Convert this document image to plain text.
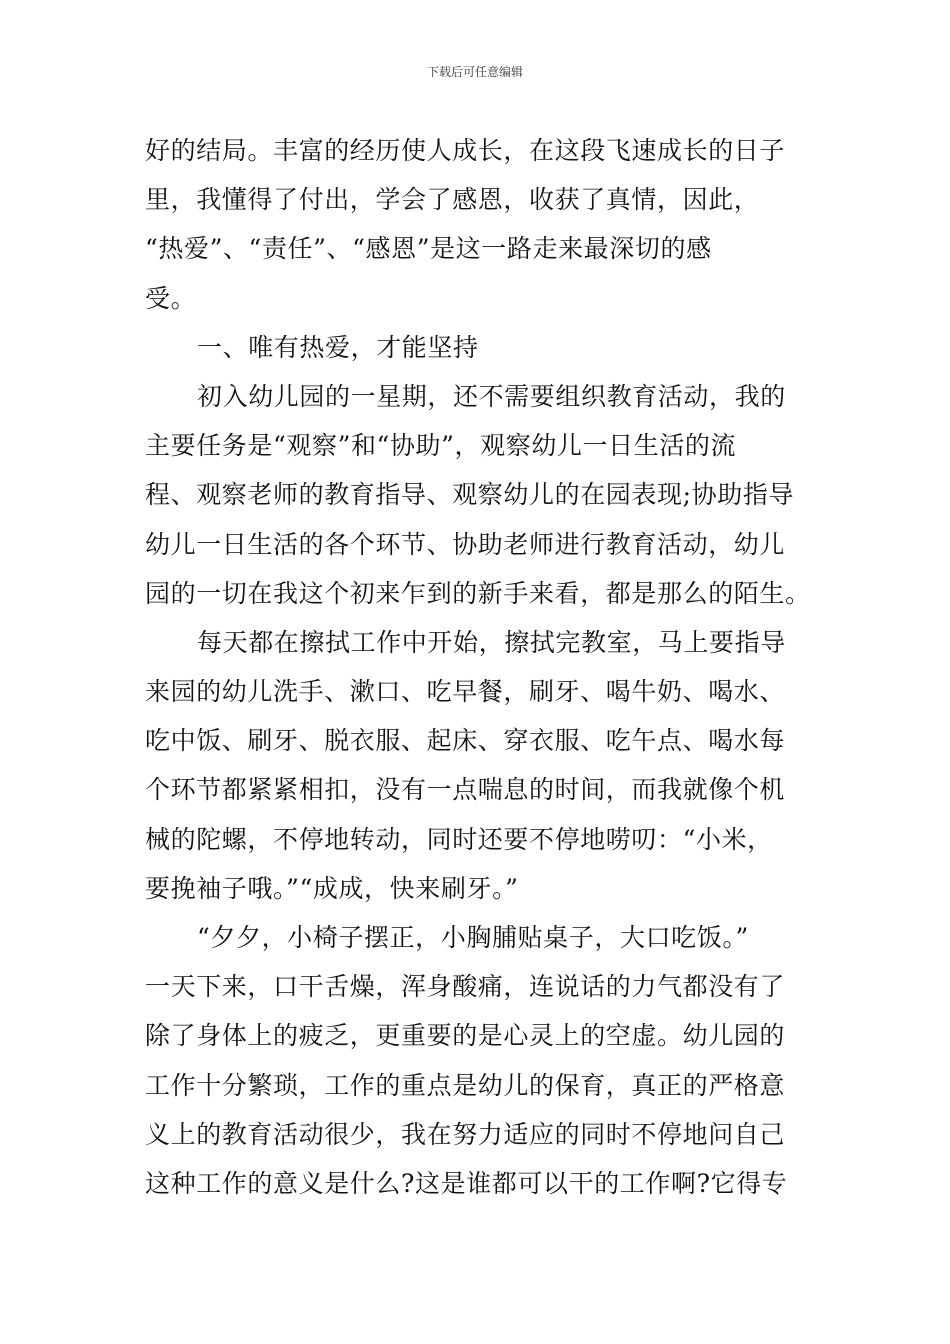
下载后可任意编辑
好的结局。丰富的经历使人成长，在这段飞速成长的日子
里，我懂得了付出，学会了感恩，收获了真情，因此，
“热爱”、“责任”、“感恩”是这一路走来最深切的感
受。
一、唯有热爱，才能坚持
初入幼儿园的一星期，还不需要组织教育活动，我的
主要任务是“观察”和“协助”，观察幼儿一日生活的流
程、观察老师的教育指导、观察幼儿的在园表现;协助指导
幼儿一日生活的各个环节、协助老师进行教育活动，幼儿
园的一切在我这个初来乍到的新手来看，都是那么的陌生。
每天都在擦拭工作中开始，擦拭完教室，马上要指导
来园的幼儿洗手、漱口、吃早餐，刷牙、喝牛奶、喝水、
吃中饭、刷牙、脱衣服、起床、穿衣服、吃午点、喝水每
个环节都紧紧相扣，没有一点喘息的时间，而我就像个机
械的陀螺，不停地转动，同时还要不停地唠叨：“小米，
要挽袖子哦。”“成成，快来刷牙。”
“夕夕，小椅子摆正，小胸脯贴桌子，大口吃饭。”
一天下来，口干舌燥，浑身酸痛，连说话的力气都没有了
除了身体上的疲乏，更重要的是心灵上的空虚。幼儿园的
工作十分繁琐，工作的重点是幼儿的保育，真正的严格意
义上的教育活动很少，我在努力适应的同时不停地问自己
这种工作的意义是什么?这是谁都可以干的工作啊?它得专
